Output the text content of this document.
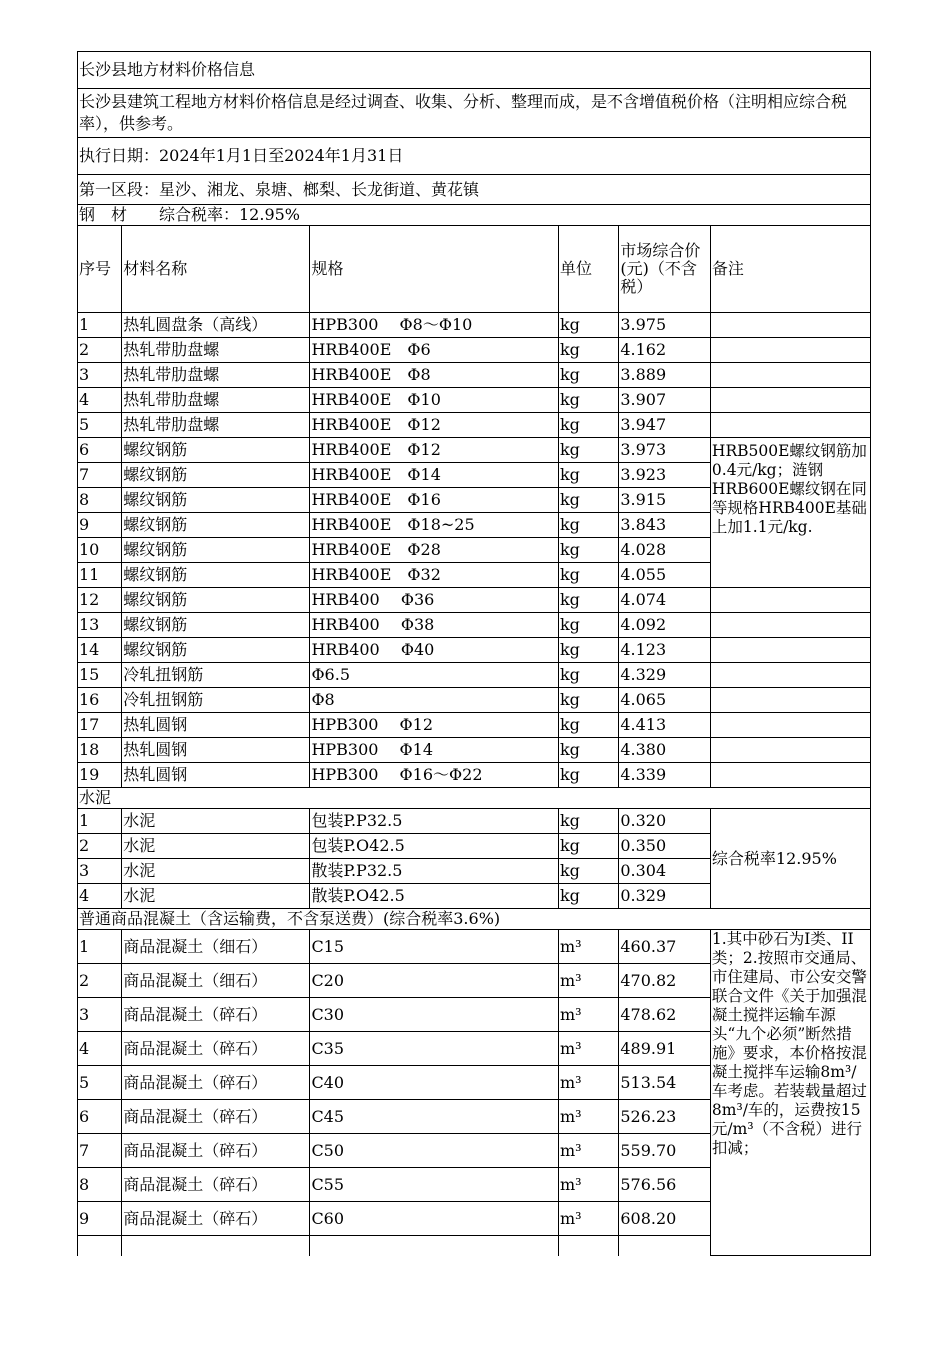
长沙县地方材料价格信息					
长沙县建筑工程地方材料价格信息是经过调查、收集、分析、整理而成，是不含增值税价格（注明相应综合税率），供参考。					
执行日期：2024年1月1日至2024年1月31日					
第一区段：星沙、湘龙、泉塘、榔梨、长龙街道、黄花镇					
钢　材　　综合税率：12.95%					
序号	材料名称	规格	单位	市场综合价(元)（不含税）	备注
1	热轧圆盘条（高线）	HPB300　 Φ8～Φ10	kg	3.975	
2	热轧带肋盘螺	HRB400E　Φ6	kg	4.162	
3	热轧带肋盘螺	HRB400E　Φ8	kg	3.889	
4	热轧带肋盘螺	HRB400E　Φ10	kg	3.907	
5	热轧带肋盘螺	HRB400E　Φ12	kg	3.947	
6	螺纹钢筋	HRB400E　Φ12	kg	3.973	HRB500E螺纹钢筋加0.4元/kg；涟钢HRB600E螺纹钢在同等规格HRB400E基础上加1.1元/kg.
7	螺纹钢筋	HRB400E　Φ14	kg	3.923	
8	螺纹钢筋	HRB400E　Φ16	kg	3.915	
9	螺纹钢筋	HRB400E　Φ18~25	kg	3.843	
10	螺纹钢筋	HRB400E　Φ28	kg	4.028	
11	螺纹钢筋	HRB400E　Φ32	kg	4.055	
12	螺纹钢筋	HRB400　 Φ36	kg	4.074	
13	螺纹钢筋	HRB400　 Φ38	kg	4.092	
14	螺纹钢筋	HRB400　 Φ40	kg	4.123	
15	冷轧扭钢筋	Φ6.5	kg	4.329	
16	冷轧扭钢筋	Φ8	kg	4.065	
17	热轧圆钢	HPB300　 Φ12	kg	4.413	
18	热轧圆钢	HPB300　 Φ14	kg	4.380	
19	热轧圆钢	HPB300　 Φ16～Φ22	kg	4.339	
水泥					
1	水泥	包装P.P32.5	kg	0.320	综合税率12.95%
2	水泥	包装P.O42.5	kg	0.350	
3	水泥	散装P.P32.5	kg	0.304	
4	水泥	散装P.O42.5	kg	0.329	
普通商品混凝土（含运输费，不含泵送费）(综合税率3.6%)					
1	商品混凝土（细石）	C15	m³	460.37	1.其中砂石为I类、II类；2.按照市交通局、市住建局、市公安交警联合文件《关于加强混凝土搅拌运输车源头“九个必须”断然措施》要求，本价格按混凝土搅拌车运输8m³/车考虑。若装载量超过8m³/车的，运费按15元/m³（不含税）进行扣减；
2	商品混凝土（细石）	C20	m³	470.82	
3	商品混凝土（碎石）	C30	m³	478.62	
4	商品混凝土（碎石）	C35	m³	489.91	
5	商品混凝土（碎石）	C40	m³	513.54	
6	商品混凝土（碎石）	C45	m³	526.23	
7	商品混凝土（碎石）	C50	m³	559.70	
8	商品混凝土（碎石）	C55	m³	576.56	
9	商品混凝土（碎石）	C60	m³	608.20	
